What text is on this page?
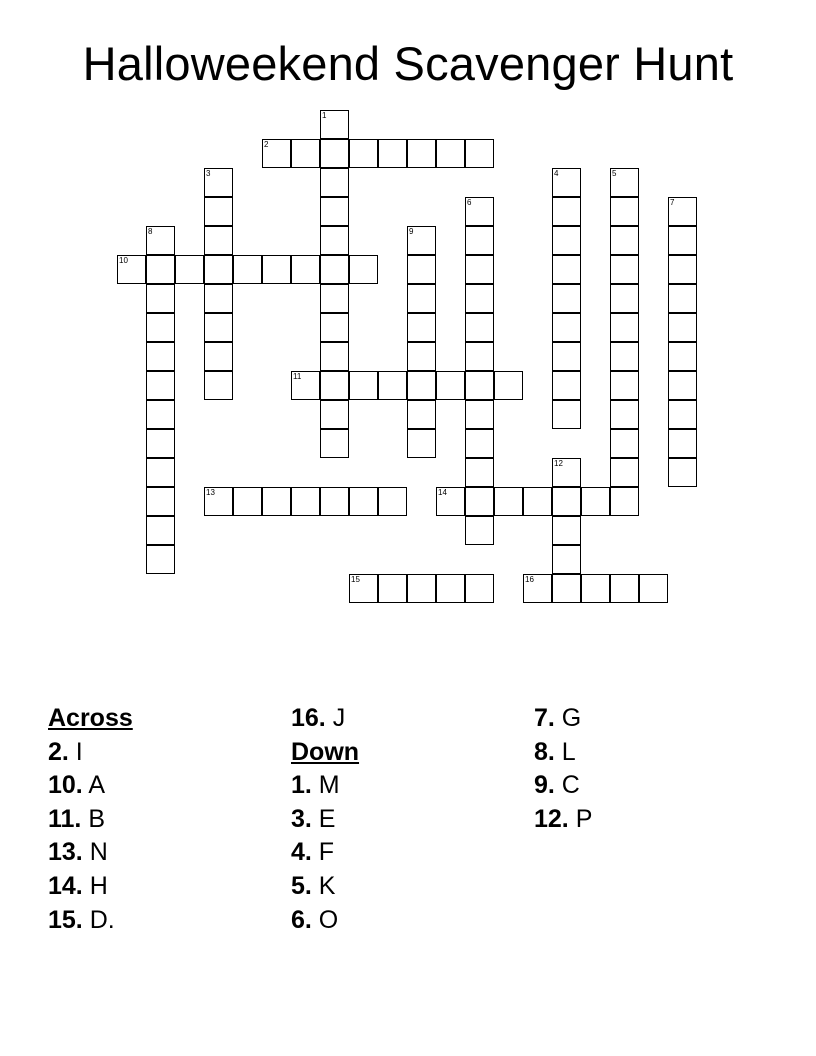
Halloweekend Scavenger Hunt
1
2
3	4	5
6	7
8	9
10
11
12
13	14
15	16
Across
2. I
10. A
11. B
13. N
14. H
15. D.
16. J
Down
1. M
3. E
4. F
5. K
6. O
7. G
8. L
9. C
12. P
